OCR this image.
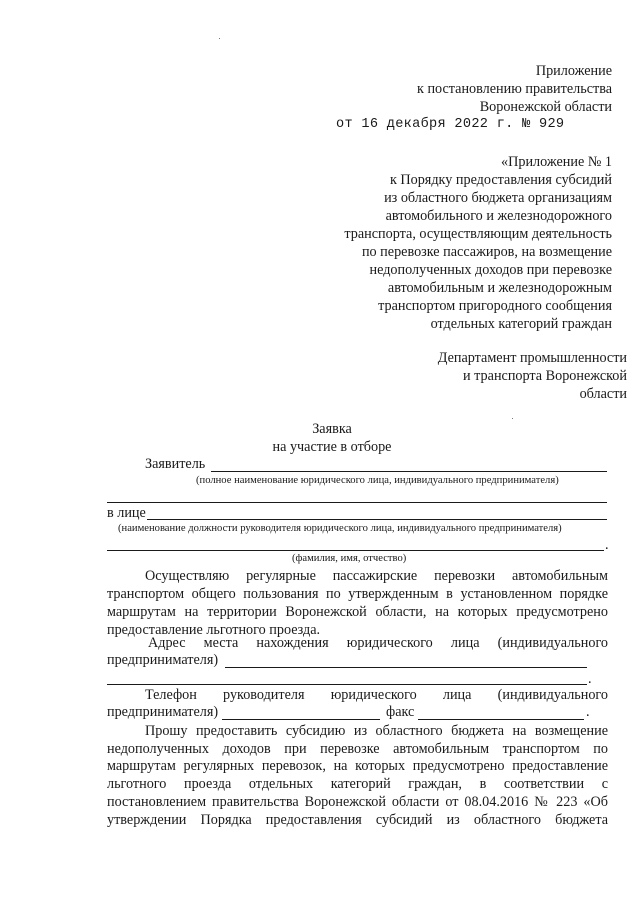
Приложение
к постановлению правительства
Воронежской области
от 16 декабря 2022 г. № 929
«Приложение № 1
к Порядку предоставления субсидий
из областного бюджета организациям
автомобильного и железнодорожного
транспорта, осуществляющим деятельность
по перевозке пассажиров, на возмещение
недополученных доходов при перевозке
автомобильным и железнодорожным
транспортом пригородного сообщения
отдельных категорий граждан
Департамент промышленности
и транспорта Воронежской
области
Заявка
на участие в отборе
Заявитель
(полное наименование юридического лица, индивидуального предпринимателя)
в лице
(наименование должности руководителя юридического лица, индивидуального предпринимателя)
.
(фамилия, имя, отчество)
Осуществляю регулярные пассажирские перевозки автомобильным
транспортом общего пользования по утвержденным в установленном порядке
маршрутам на территории Воронежской области, на которых предусмотрено
предоставление льготного проезда.
Адрес места нахождения юридического лица (индивидуального
предпринимателя)
.
Телефон руководителя юридического лица (индивидуального
предпринимателя)	факс	.
Прошу предоставить субсидию из областного бюджета на возмещение
недополученных доходов при перевозке автомобильным транспортом по
маршрутам регулярных перевозок, на которых предусмотрено предоставление
льготного проезда отдельных категорий граждан, в соответствии с
постановлением правительства Воронежской области от 08.04.2016 № 223 «Об
утверждении Порядка предоставления субсидий из областного бюджета
